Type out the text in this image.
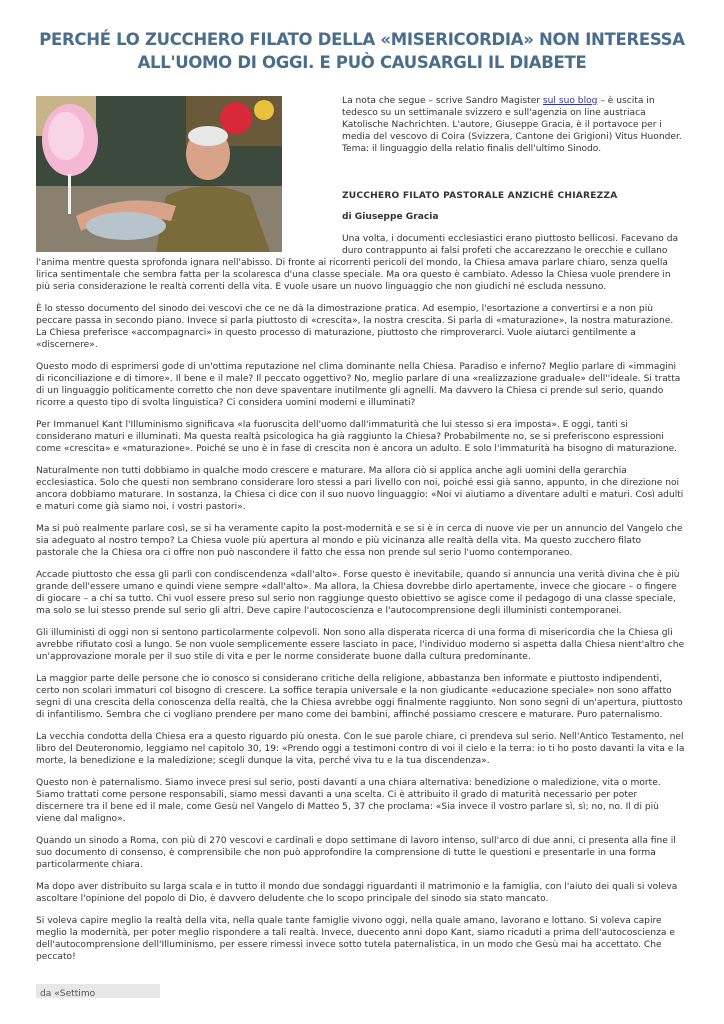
PERCHÉ LO ZUCCHERO FILATO DELLA «MISERICORDIA» NON INTERESSA ALL'UOMO DI OGGI. E PUÒ CAUSARGLI IL DIABETE

La nota che segue – scrive Sandro Magister sul suo blog – è uscita in tedesco su un settimanale svizzero e sull'agenzia on line austriaca Katolische Nachrichten. L'autore, Giuseppe Gracia, è il portavoce per i media del vescovo di Coira (Svizzera, Cantone dei Grigioni) Vitus Huonder. Tema: il linguaggio della relatio finalis dell'ultimo Sinodo.

ZUCCHERO FILATO PASTORALE ANZICHÉ CHIAREZZA
di Giuseppe Gracia

Una volta, i documenti ecclesiastici erano piuttosto bellicosi. Facevano da duro contrappunto ai falsi profeti che accarezzano le orecchie e cullano l'anima mentre questa sprofonda ignara nell'abisso. Di fronte ai ricorrenti pericoli del mondo, la Chiesa amava parlare chiaro, senza quella lirica sentimentale che sembra fatta per la scolaresca d'una classe speciale. Ma ora questo è cambiato. Adesso la Chiesa vuole prendere in più seria considerazione le realtà correnti della vita. E vuole usare un nuovo linguaggio che non giudichi né escluda nessuno.

È lo stesso documento del sinodo dei vescovi che ce ne dà la dimostrazione pratica. Ad esempio, l'esortazione a convertirsi e a non più peccare passa in secondo piano. Invece si parla piuttosto di «crescita», la nostra crescita. Si parla di «maturazione», la nostra maturazione. La Chiesa preferisce «accompagnarci» in questo processo di maturazione, piuttosto che rimproverarci. Vuole aiutarci gentilmente a «discernere».

Questo modo di esprimersi gode di un'ottima reputazione nel clima dominante nella Chiesa. Paradiso e inferno? Meglio parlare di «immagini di riconciliazione e di timore». Il bene e il male? Il peccato oggettivo? No, meglio parlare di una «realizzazione graduale» dell''ideale. Si tratta di un linguaggio politicamente corretto che non deve spaventare inutilmente gli agnelli. Ma davvero la Chiesa ci prende sul serio, quando ricorre a questo tipo di svolta linguistica? Ci considera uomini moderni e illuminati?

Per Immanuel Kant l'Illuminismo significava «la fuoruscita dell'uomo dall'immaturità che lui stesso si era imposta». E oggi, tanti si considerano maturi e illuminati. Ma questa realtà psicologica ha già raggiunto la Chiesa? Probabilmente no, se si preferiscono espressioni come «crescita» e «maturazione». Poiché se uno è in fase di crescita non è ancora un adulto. E solo l'immaturità ha bisogno di maturazione.

Naturalmente non tutti dobbiamo in qualche modo crescere e maturare. Ma allora ciò si applica anche agli uomini della gerarchia ecclesiastica. Solo che questi non sembrano considerare loro stessi a pari livello con noi, poiché essi già sanno, appunto, in che direzione noi ancora dobbiamo maturare. In sostanza, la Chiesa ci dice con il suo nuovo linguaggio: «Noi vi aiutiamo a diventare adulti e maturi. Così adulti e maturi come già siamo noi, i vostri pastori».

Ma si può realmente parlare così, se si ha veramente capito la post-modernità e se si è in cerca di nuove vie per un annuncio del Vangelo che sia adeguato al nostro tempo? La Chiesa vuole più apertura al mondo e più vicinanza alle realtà della vita. Ma questo zucchero filato pastorale che la Chiesa ora ci offre non può nascondere il fatto che essa non prende sul serio l'uomo contemporaneo.

Accade piuttosto che essa gli parli con condiscendenza «dall'alto». Forse questo è inevitabile, quando si annuncia una verità divina che è più grande dell'essere umano e quindi viene sempre «dall'alto». Ma allora, la Chiesa dovrebbe dirlo apertamente, invece che giocare – o fingere di giocare – a chi sa tutto. Chi vuol essere preso sul serio non raggiunge questo obiettivo se agisce come il pedagogo di una classe speciale, ma solo se lui stesso prende sul serio gli altri. Deve capire l'autocoscienza e l'autocomprensione degli illuministi contemporanei.

Gli illuministi di oggi non si sentono particolarmente colpevoli. Non sono alla disperata ricerca di una forma di misericordia che la Chiesa gli avrebbe rifiutato così a lungo. Se non vuole semplicemente essere lasciato in pace, l'individuo moderno si aspetta dalla Chiesa nient'altro che un'approvazione morale per il suo stile di vita e per le norme considerate buone dalla cultura predominante.

La maggior parte delle persone che io conosco si considerano critiche della religione, abbastanza ben informate e piuttosto indipendenti, certo non scolari immaturi col bisogno di crescere. La soffice terapia universale e la non giudicante «educazione speciale» non sono affatto segni di una crescita della conoscenza della realtà, che la Chiesa avrebbe oggi finalmente raggiunto. Non sono segni di un'apertura, piuttosto di infantilismo. Sembra che ci vogliano prendere per mano come dei bambini, affinché possiamo crescere e maturare. Puro paternalismo.

La vecchia condotta della Chiesa era a questo riguardo più onesta. Con le sue parole chiare, ci prendeva sul serio. Nell'Antico Testamento, nel libro del Deuteronomio, leggiamo nel capitolo 30, 19: «Prendo oggi a testimoni contro di voi il cielo e la terra: io ti ho posto davanti la vita e la morte, la benedizione e la maledizione; scegli dunque la vita, perché viva tu e la tua discendenza».

Questo non è paternalismo. Siamo invece presi sul serio, posti davanti a una chiara alternativa: benedizione o maledizione, vita o morte. Siamo trattati come persone responsabili, siamo messi davanti a una scelta. Ci è attribuito il grado di maturità necessario per poter discernere tra il bene ed il male, come Gesù nel Vangelo di Matteo 5, 37 che proclama: «Sia invece il vostro parlare sì, sì; no, no. Il di più viene dal maligno».

Quando un sinodo a Roma, con più di 270 vescovi e cardinali e dopo settimane di lavoro intenso, sull'arco di due anni, ci presenta alla fine il suo documento di consenso, è comprensibile che non può approfondire la comprensione di tutte le questioni e presentarle in una forma particolarmente chiara.

Ma dopo aver distribuito su larga scala e in tutto il mondo due sondaggi riguardanti il matrimonio e la famiglia, con l'aiuto dei quali si voleva ascoltare l'opinione del popolo di Dio, è davvero deludente che lo scopo principale del sinodo sia stato mancato.

Si voleva capire meglio la realtà della vita, nella quale tante famiglie vivono oggi, nella quale amano, lavorano e lottano. Si voleva capire meglio la modernità, per poter meglio rispondere a tali realtà. Invece, duecento anni dopo Kant, siamo ricaduti a prima dell'autocoscienza e dell'autocomprensione dell'Illuminismo, per essere rimessi invece sotto tutela paternalistica, in un modo che Gesù mai ha accettato. Che peccato!

da «Settimo
